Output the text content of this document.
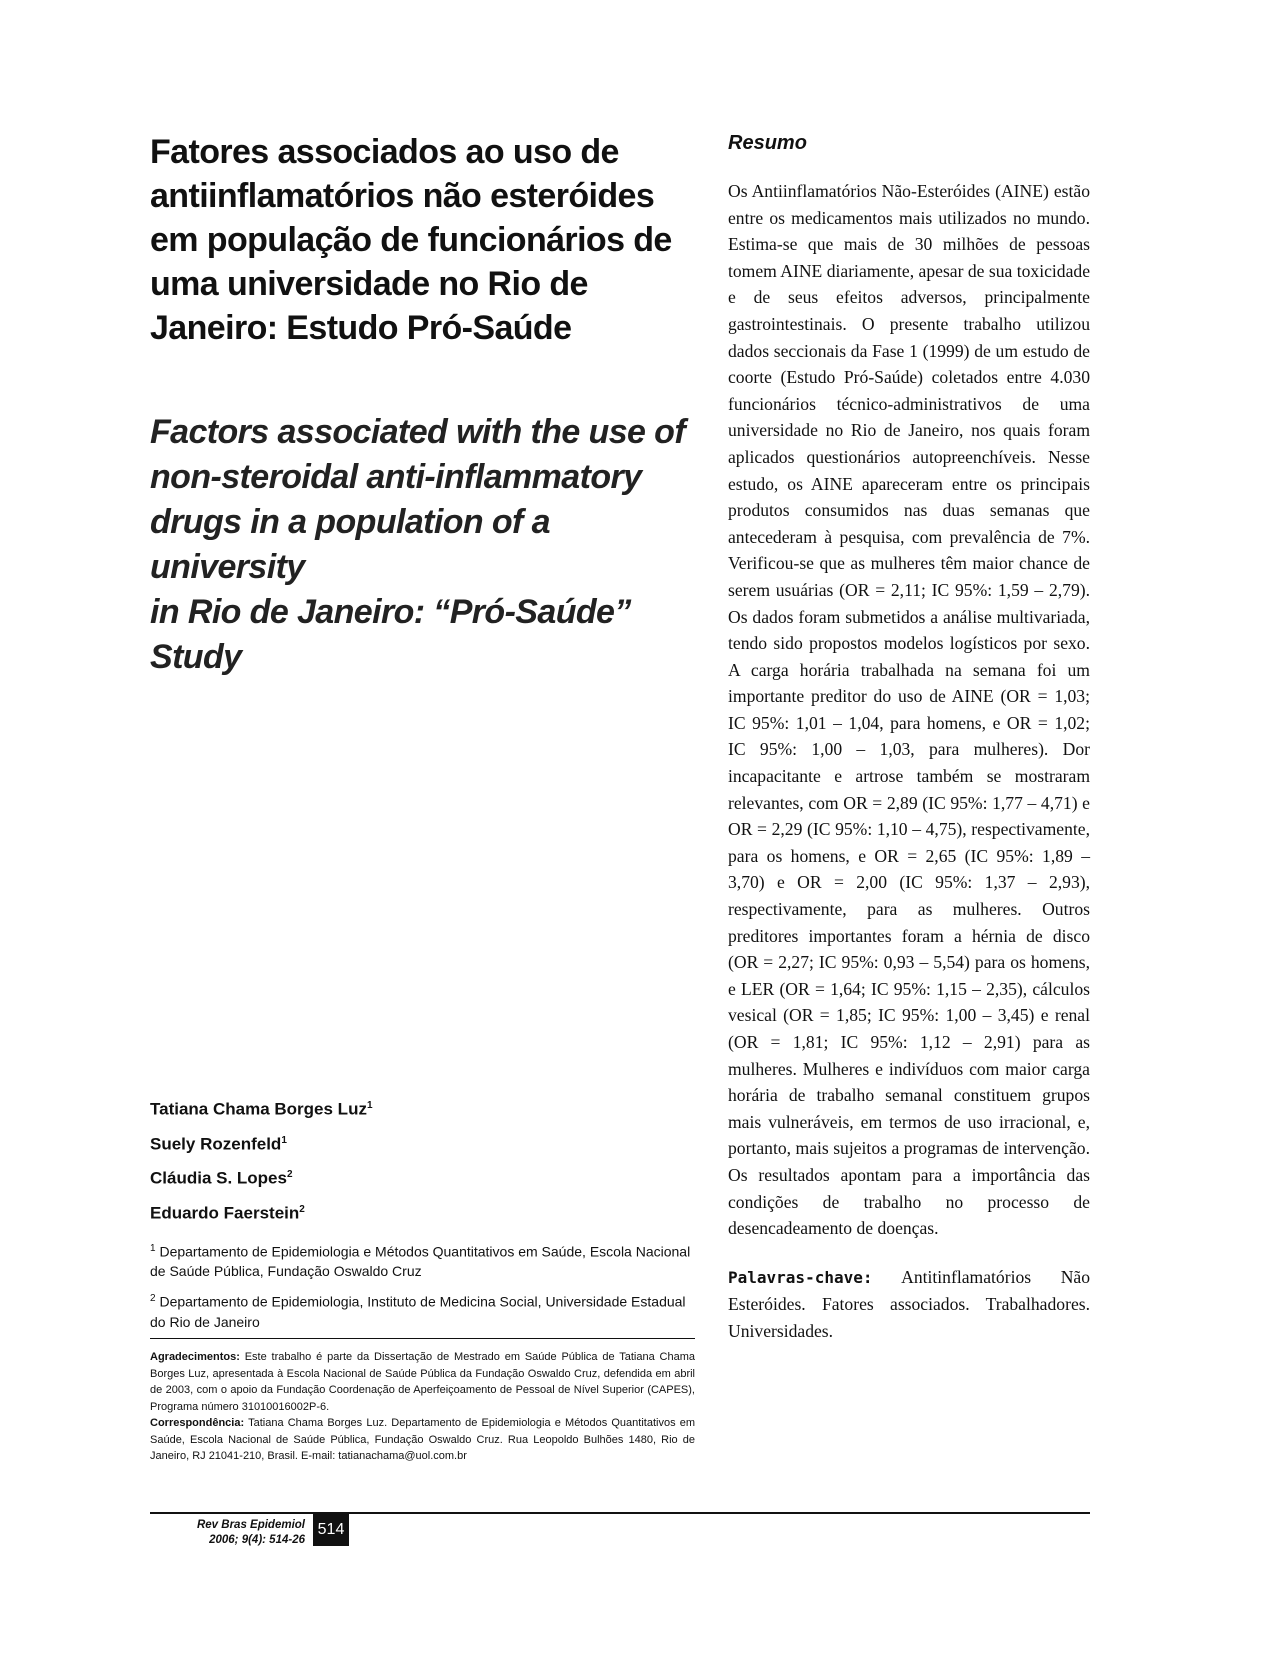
Fatores associados ao uso de
antiinflamatórios não esteróides
em população de funcionários de
uma universidade no Rio de
Janeiro: Estudo Pró-Saúde
Factors associated with the use of
non-steroidal anti-inflammatory
drugs in a population of a university
in Rio de Janeiro: “Pró-Saúde” Study
Tatiana Chama Borges Luz$^1$
Suely Rozenfeld$^1$
Cláudia S. Lopes$^2$
Eduardo Faerstein$^2$
$^1$ Departamento de Epidemiologia e Métodos Quantitativos em Saúde, Escola Nacional de Saúde Pública, Fundação Oswaldo Cruz
$^2$ Departamento de Epidemiologia, Instituto de Medicina Social, Universidade Estadual do Rio de Janeiro
Agradecimentos: Este trabalho é parte da Dissertação de Mestrado em Saúde Pública de Tatiana Chama Borges Luz, apresentada à Escola Nacional de Saúde Pública da Fundação Oswaldo Cruz, defendida em abril de 2003, com o apoio da Fundação Coordenação de Aperfeiçoamento de Pessoal de Nível Superior (CAPES), Programa número 31010016002P-6.
Correspondência: Tatiana Chama Borges Luz. Departamento de Epidemiologia e Métodos Quantitativos em Saúde, Escola Nacional de Saúde Pública, Fundação Oswaldo Cruz. Rua Leopoldo Bulhões 1480, Rio de Janeiro, RJ 21041-210, Brasil. E-mail: tatianachama@uol.com.br
Resumo

Os Antiinflamatórios Não-Esteróides (AINE) estão entre os medicamentos mais utilizados no mundo. Estima-se que mais de 30 milhões de pessoas tomem AINE diariamente, apesar de sua toxicidade e de seus efeitos adversos, principalmente gastrointestinais. O presente trabalho utilizou dados seccionais da Fase 1 (1999) de um estudo de coorte (Estudo Pró-Saúde) coletados entre 4.030 funcionários técnico-administrativos de uma universidade no Rio de Janeiro, nos quais foram aplicados questionários autopreenchíveis. Nesse estudo, os AINE apareceram entre os principais produtos consumidos nas duas semanas que antecederam à pesquisa, com prevalência de 7%. Verificou-se que as mulheres têm maior chance de serem usuárias (OR = 2,11; IC 95%: 1,59 – 2,79). Os dados foram submetidos a análise multivariada, tendo sido propostos modelos logísticos por sexo. A carga horária trabalhada na semana foi um importante preditor do uso de AINE (OR = 1,03; IC 95%: 1,01 – 1,04, para homens, e OR = 1,02; IC 95%: 1,00 – 1,03, para mulheres). Dor incapacitante e artrose também se mostraram relevantes, com OR = 2,89 (IC 95%: 1,77 – 4,71) e OR = 2,29 (IC 95%: 1,10 – 4,75), respectivamente, para os homens, e OR = 2,65 (IC 95%: 1,89 – 3,70) e OR = 2,00 (IC 95%: 1,37 – 2,93), respectivamente, para as mulheres. Outros preditores importantes foram a hérnia de disco (OR = 2,27; IC 95%: 0,93 – 5,54) para os homens, e LER (OR = 1,64; IC 95%: 1,15 – 2,35), cálculos vesical (OR = 1,85; IC 95%: 1,00 – 3,45) e renal (OR = 1,81; IC 95%: 1,12 – 2,91) para as mulheres. Mulheres e indivíduos com maior carga horária de trabalho semanal constituem grupos mais vulneráveis, em termos de uso irracional, e, portanto, mais sujeitos a programas de intervenção. Os resultados apontam para a importância das condições de trabalho no processo de desencadeamento de doenças.

Palavras-chave: Antitinflamatórios Não Esteróides. Fatores associados. Trabalhadores. Universidades.

Rev Bras Epidemiol
2006; 9(4): 514-26
514
